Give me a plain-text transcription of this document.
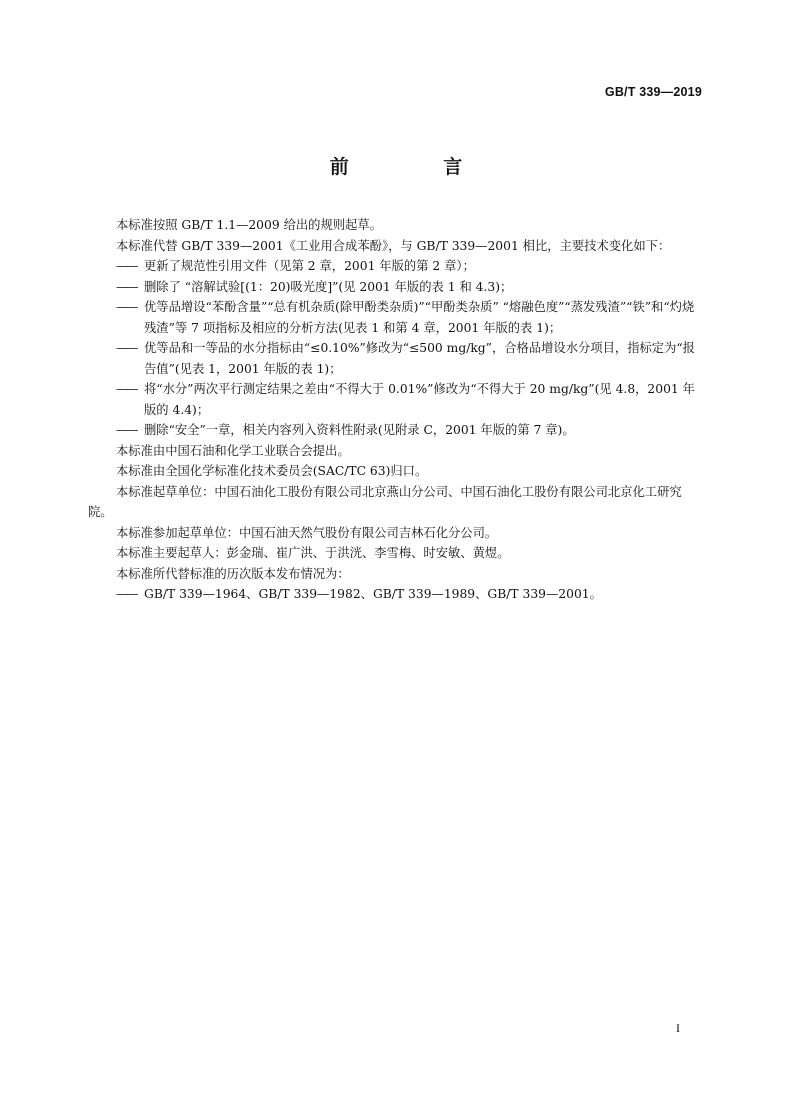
GB/T 339—2019
前 言
本标准按照 GB/T 1.1—2009 给出的规则起草。
本标准代替 GB/T 339—2001《工业用合成苯酚》，与 GB/T 339—2001 相比，主要技术变化如下：
—— 更新了规范性引用文件（见第 2 章，2001 年版的第 2 章）；
—— 删除了 “溶解试验[(1：20)吸光度]”(见 2001 年版的表 1 和 4.3)；
—— 优等品增设“苯酚含量”“总有机杂质(除甲酚类杂质)”“甲酚类杂质” “熔融色度”“蒸发残渣”“铁”和“灼烧残渣”等 7 项指标及相应的分析方法(见表 1 和第 4 章，2001 年版的表 1)；
—— 优等品和一等品的水分指标由“≤0.10%”修改为“≤500 mg/kg”，合格品增设水分项目，指标定为“报告值”(见表 1，2001 年版的表 1)；
—— 将“水分”两次平行测定结果之差由“不得大于 0.01%”修改为“不得大于 20 mg/kg”(见 4.8，2001 年版的 4.4)；
—— 删除“安全”一章，相关内容列入资料性附录(见附录 C，2001 年版的第 7 章)。
本标准由中国石油和化学工业联合会提出。
本标准由全国化学标准化技术委员会(SAC/TC 63)归口。
本标准起草单位：中国石油化工股份有限公司北京燕山分公司、中国石油化工股份有限公司北京化工研究院。
本标准参加起草单位：中国石油天然气股份有限公司吉林石化分公司。
本标准主要起草人：彭金瑞、崔广洪、于洪洸、李雪梅、时安敏、黄煜。
本标准所代替标准的历次版本发布情况为：
—— GB/T 339—1964、GB/T 339—1982、GB/T 339—1989、GB/T 339—2001。
I
